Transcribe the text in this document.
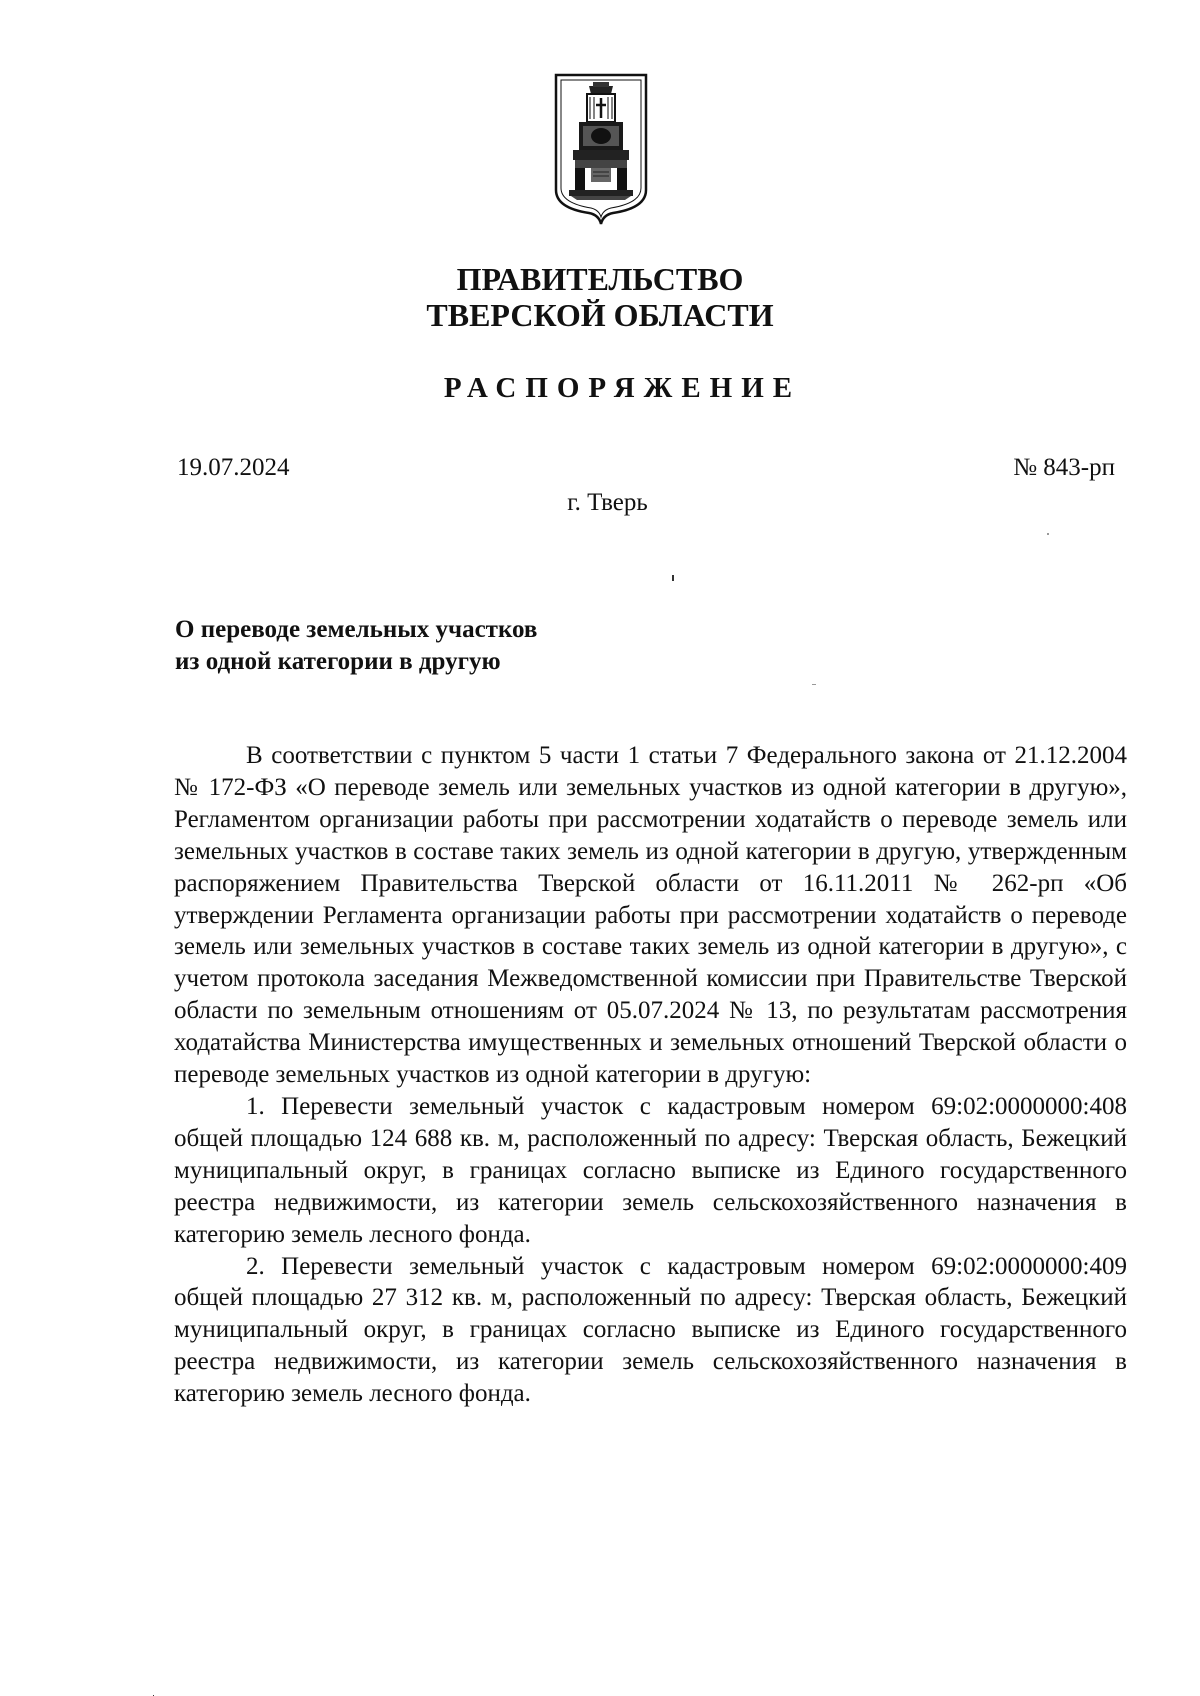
ПРАВИТЕЛЬСТВО
ТВЕРСКОЙ ОБЛАСТИ
РАСПОРЯЖЕНИЕ
19.07.2024	№ 843-рп
г. Тверь
О переводе земельных участков
из одной категории в другую

В соответствии с пунктом 5 части 1 статьи 7 Федерального закона от 21.12.2004 № 172-ФЗ «О переводе земель или земельных участков из одной категории в другую», Регламентом организации работы при рассмотрении ходатайств о переводе земель или земельных участков в составе таких земель из одной категории в другую, утвержденным распоряжением Правительства Тверской области от 16.11.2011 № 262-рп «Об утверждении Регламента организации работы при рассмотрении ходатайств о переводе земель или земельных участков в составе таких земель из одной категории в другую», с учетом протокола заседания Межведомственной комиссии при Правительстве Тверской области по земельным отношениям от 05.07.2024 № 13, по результатам рассмотрения ходатайства Министерства имущественных и земельных отношений Тверской области о переводе земельных участков из одной категории в другую:

1. Перевести земельный участок с кадастровым номером 69:02:0000000:408 общей площадью 124 688 кв. м, расположенный по адресу: Тверская область, Бежецкий муниципальный округ, в границах согласно выписке из Единого государственного реестра недвижимости, из категории земель сельскохозяйственного назначения в категорию земель лесного фонда.

2. Перевести земельный участок с кадастровым номером 69:02:0000000:409 общей площадью 27 312 кв. м, расположенный по адресу: Тверская область, Бежецкий муниципальный округ, в границах согласно выписке из Единого государственного реестра недвижимости, из категории земель сельскохозяйственного назначения в категорию земель лесного фонда.
